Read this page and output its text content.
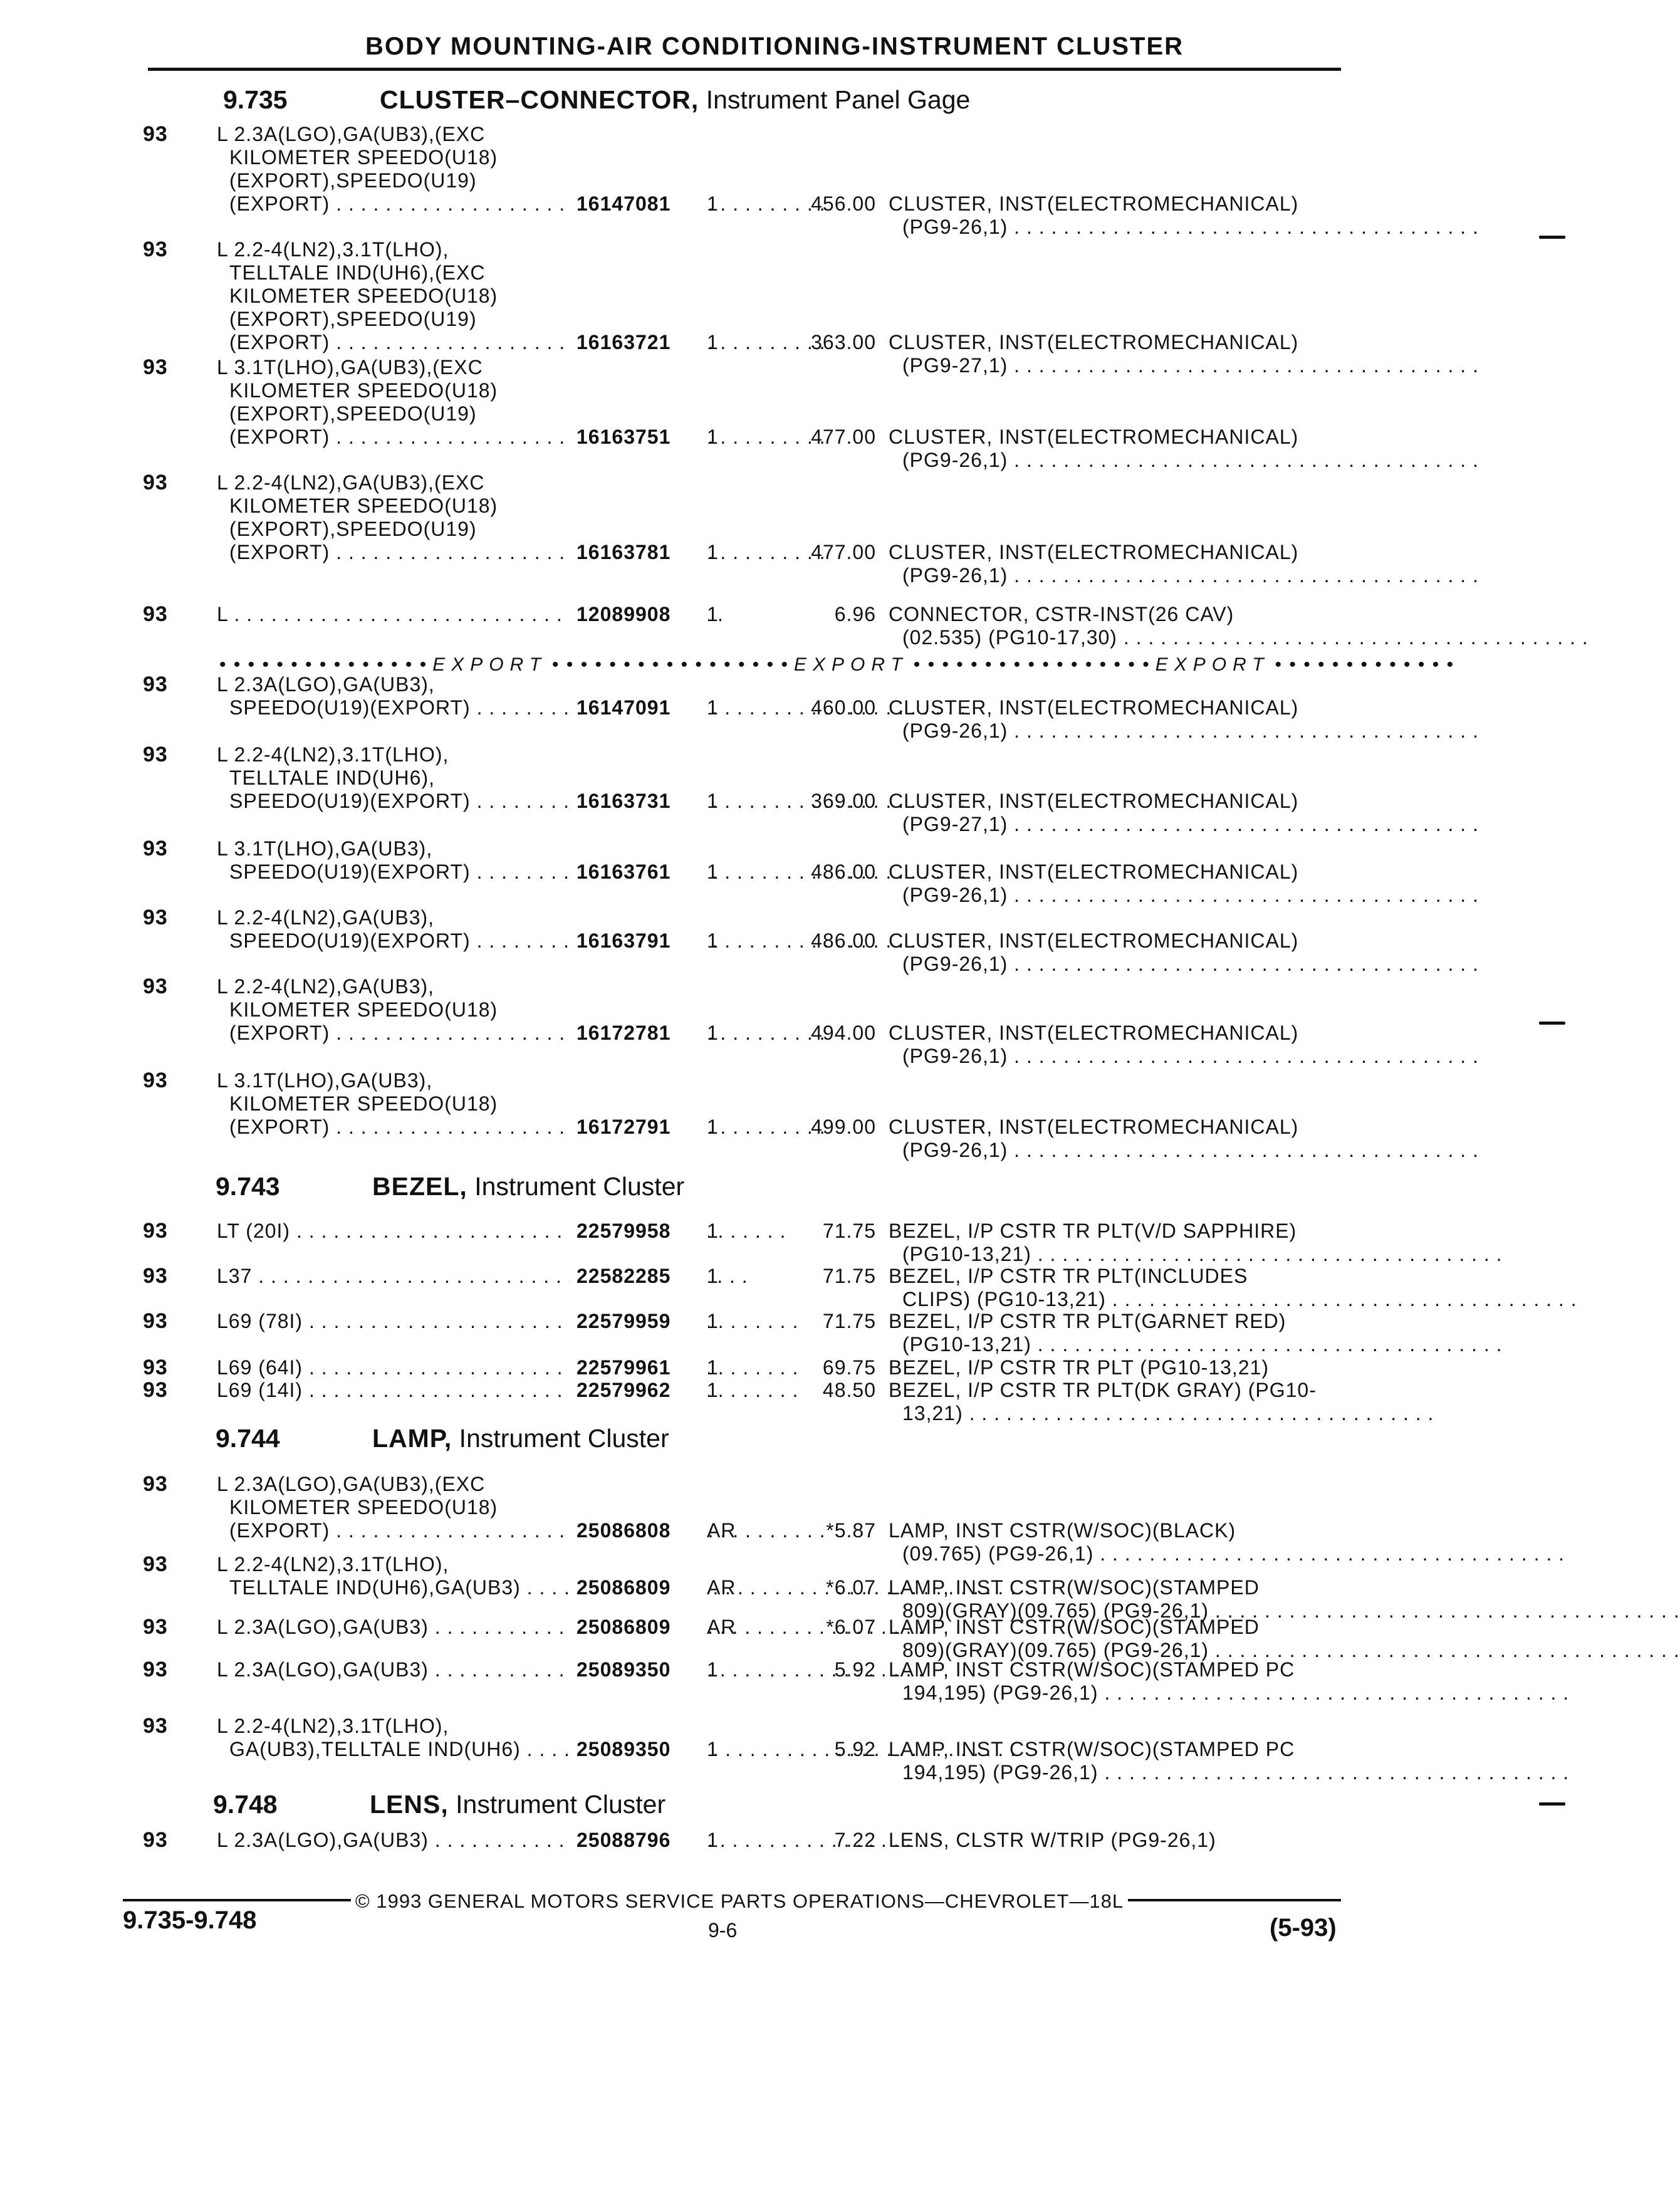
BODY MOUNTING-AIR CONDITIONING-INSTRUMENT CLUSTER
9.735	CLUSTER–CONNECTOR, Instrument Panel Gage
9.743	BEZEL, Instrument Cluster
9.744	LAMP, Instrument Cluster
9.748	LENS, Instrument Cluster
• • • • • • • • • • • • • • • EXPORT • • • • • • • • • • • • • • • • • EXPORT • • • • • • • • • • • • • • • • • EXPORT • • • • • • • • • • • • •
93 L 2.3A(LGO),GA(UB3),(EXC
KILOMETER SPEEDO(U18)
(EXPORT),SPEEDO(U19)
(EXPORT) . . .	16147081	1	456.00 CLUSTER, INST(ELECTROMECHANICAL)
(PG9-26,1) . . .
93 L 2.2-4(LN2),3.1T(LHO),
TELLTALE IND(UH6),(EXC
KILOMETER SPEEDO(U18)
(EXPORT),SPEEDO(U19)
(EXPORT) . . .	16163721	1	363.00 CLUSTER, INST(ELECTROMECHANICAL)
(PG9-27,1) . . .
93 L 3.1T(LHO),GA(UB3),(EXC
KILOMETER SPEEDO(U18)
(EXPORT),SPEEDO(U19)
(EXPORT) . . .	16163751	1	477.00 CLUSTER, INST(ELECTROMECHANICAL)
(PG9-26,1) . . .
93 L 2.2-4(LN2),GA(UB3),(EXC
KILOMETER SPEEDO(U18)
(EXPORT),SPEEDO(U19)
(EXPORT) . . .	16163781	1	477.00 CLUSTER, INST(ELECTROMECHANICAL)
(PG9-26,1) . . .
93 L . . .	12089908	1	6.96 CONNECTOR, CSTR-INST(26 CAV)
(02.535) (PG10-17,30) . . .
93 L 2.3A(LGO),GA(UB3),
SPEEDO(U19)(EXPORT) . . .	16147091	1	460.00 CLUSTER, INST(ELECTROMECHANICAL)
(PG9-26,1) . . .
93 L 2.2-4(LN2),3.1T(LHO),
TELLTALE IND(UH6),
SPEEDO(U19)(EXPORT) . . .	16163731	1	369.00 CLUSTER, INST(ELECTROMECHANICAL)
(PG9-27,1) . . .
93 L 3.1T(LHO),GA(UB3),
SPEEDO(U19)(EXPORT) . . .	16163761	1	486.00 CLUSTER, INST(ELECTROMECHANICAL)
(PG9-26,1) . . .
93 L 2.2-4(LN2),GA(UB3),
SPEEDO(U19)(EXPORT) . . .	16163791	1	486.00 CLUSTER, INST(ELECTROMECHANICAL)
(PG9-26,1) . . .
93 L 2.2-4(LN2),GA(UB3),
KILOMETER SPEEDO(U18)
(EXPORT) . . .	16172781	1	494.00 CLUSTER, INST(ELECTROMECHANICAL)
(PG9-26,1) . . .
93 L 3.1T(LHO),GA(UB3),
KILOMETER SPEEDO(U18)
(EXPORT) . . .	16172791	1	499.00 CLUSTER, INST(ELECTROMECHANICAL)
(PG9-26,1) . . .
93 LT (20I) . . .	22579958	1	71.75 BEZEL, I/P CSTR TR PLT(V/D SAPPHIRE)
(PG10-13,21) . . .
93 L37 . . .	22582285	1	71.75 BEZEL, I/P CSTR TR PLT(INCLUDES
CLIPS) (PG10-13,21) . . .
93 L69 (78I) . . .	22579959	1	71.75 BEZEL, I/P CSTR TR PLT(GARNET RED)
(PG10-13,21) . . .
93 L69 (64I) . . .	22579961	1	69.75 BEZEL, I/P CSTR TR PLT (PG10-13,21)
93 L69 (14I) . . .	22579962	1	48.50 BEZEL, I/P CSTR TR PLT(DK GRAY) (PG10-
13,21) . . .
93 L 2.3A(LGO),GA(UB3),(EXC
KILOMETER SPEEDO(U18)
(EXPORT) . . .	25086808	AR	*5.87 LAMP, INST CSTR(W/SOC)(BLACK)
(09.765) (PG9-26,1) . . .
93 L 2.2-4(LN2),3.1T(LHO),
TELLTALE IND(UH6),GA(UB3) . . .	25086809	AR	*6.07 LAMP, INST CSTR(W/SOC)(STAMPED
809)(GRAY)(09.765) (PG9-26,1) . . .
93 L 2.3A(LGO),GA(UB3) . . .	25086809	AR	*6.07 LAMP, INST CSTR(W/SOC)(STAMPED
809)(GRAY)(09.765) (PG9-26,1) . . .
93 L 2.3A(LGO),GA(UB3) . . .	25089350	1	5.92 LAMP, INST CSTR(W/SOC)(STAMPED PC
194,195) (PG9-26,1) . . .
93 L 2.2-4(LN2),3.1T(LHO),
GA(UB3),TELLTALE IND(UH6) . . .	25089350	1	5.92 LAMP, INST CSTR(W/SOC)(STAMPED PC
194,195) (PG9-26,1) . . .
93 L 2.3A(LGO),GA(UB3) . . .	25088796	1	7.22 LENS, CLSTR W/TRIP (PG9-26,1)
© 1993 GENERAL MOTORS SERVICE PARTS OPERATIONS—CHEVROLET—18L
9.735-9.748	9-6	(5-93)
